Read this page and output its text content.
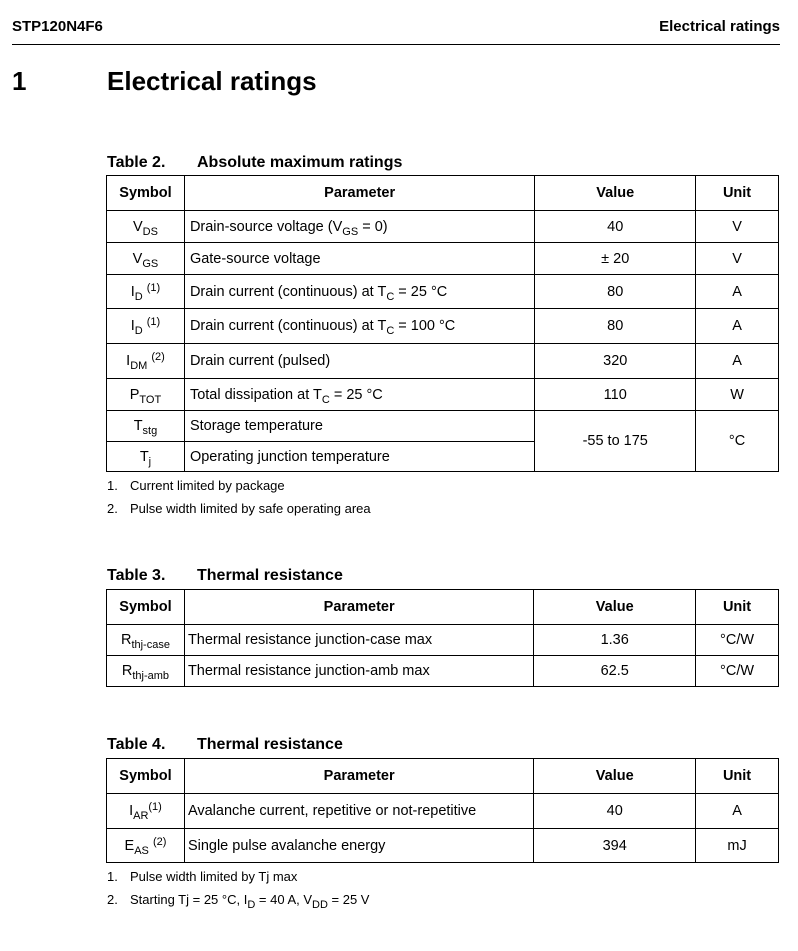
STP120N4F6	Electrical ratings
1	Electrical ratings
Table 2. Absolute maximum ratings
Symbol	Parameter	Value	Unit
$V_{DS}$	Drain-source voltage $(V_{GS} = 0)$	40	V
$V_{GS}$	Gate-source voltage	± 20	V
$I_D$ $^{(1)}$	Drain current (continuous) at $T_C = 25$ °C	80	A
$I_D$ $^{(1)}$	Drain current (continuous) at $T_C = 100$ °C	80	A
$I_{DM}$ $^{(2)}$	Drain current (pulsed)	320	A
$P_{TOT}$	Total dissipation at $T_C = 25$ °C	110	W
$T_{stg}$	Storage temperature	-55 to 175	°C
$T_j$	Operating junction temperature		
1. Current limited by package
2. Pulse width limited by safe operating area
Table 3. Thermal resistance
Symbol	Parameter	Value	Unit
$R_{thj-case}$	Thermal resistance junction-case max	1.36	°C/W
$R_{thj-amb}$	Thermal resistance junction-amb max	62.5	°C/W
Table 4. Thermal resistance
Symbol	Parameter	Value	Unit
$I_{AR}^{(1)}$	Avalanche current, repetitive or not-repetitive	40	A
$E_{AS}$ $^{(2)}$	Single pulse avalanche energy	394	mJ
1. Pulse width limited by Tj max
2. Starting Tj = 25 °C, $I_D = 40$ A, $V_{DD} = 25$ V
